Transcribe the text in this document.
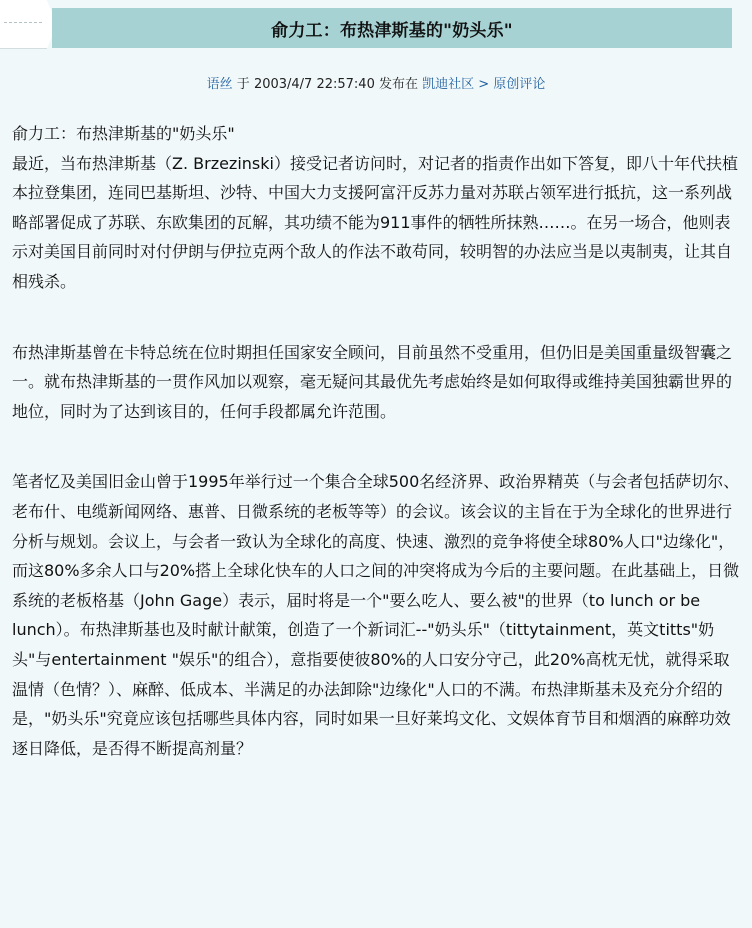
俞力工：布热津斯基的"奶头乐"
语丝 于 2003/4/7 22:57:40 发布在 凯迪社区 > 原创评论

俞力工：布热津斯基的"奶头乐"

最近，当布热津斯基（Z. Brzezinski）接受记者访问时，对记者的指责作出如下答复，即八十年代扶植本拉登集团，连同巴基斯坦、沙特、中国大力支援阿富汗反苏力量对苏联占领军进行抵抗，这一系列战略部署促成了苏联、东欧集团的瓦解，其功绩不能为911事件的牺牲所抹熟……。在另一场合，他则表示对美国目前同时对付伊朗与伊拉克两个敌人的作法不敢苟同，较明智的办法应当是以夷制夷，让其自相残杀。

布热津斯基曾在卡特总统在位时期担任国家安全顾问，目前虽然不受重用，但仍旧是美国重量级智囊之一。就布热津斯基的一贯作风加以观察，毫无疑问其最优先考虑始终是如何取得或维持美国独霸世界的地位，同时为了达到该目的，任何手段都属允许范围。

笔者忆及美国旧金山曾于1995年举行过一个集合全球500名经济界、政治界精英（与会者包括萨切尔、老布什、电缆新闻网络、惠普、日微系统的老板等等）的会议。该会议的主旨在于为全球化的世界进行分析与规划。会议上，与会者一致认为全球化的高度、快速、激烈的竞争将使全球80%人口"边缘化"，而这80%多余人口与20%搭上全球化快车的人口之间的冲突将成为今后的主要问题。在此基础上，日微系统的老板格基（John Gage）表示，届时将是一个"要么吃人、要么被"的世界（to lunch or be lunch）。布热津斯基也及时献计献策，创造了一个新词汇--"奶头乐"（tittytainment，英文titts"奶头"与entertainment "娱乐"的组合），意指要使彼80%的人口安分守己，此20%高枕无忧，就得采取温情（色情？）、麻醉、低成本、半满足的办法卸除"边缘化"人口的不满。布热津斯基未及充分介绍的是，"奶头乐"究竟应该包括哪些具体内容，同时如果一旦好莱坞文化、文娱体育节目和烟酒的麻醉功效逐日降低，是否得不断提高剂量？
